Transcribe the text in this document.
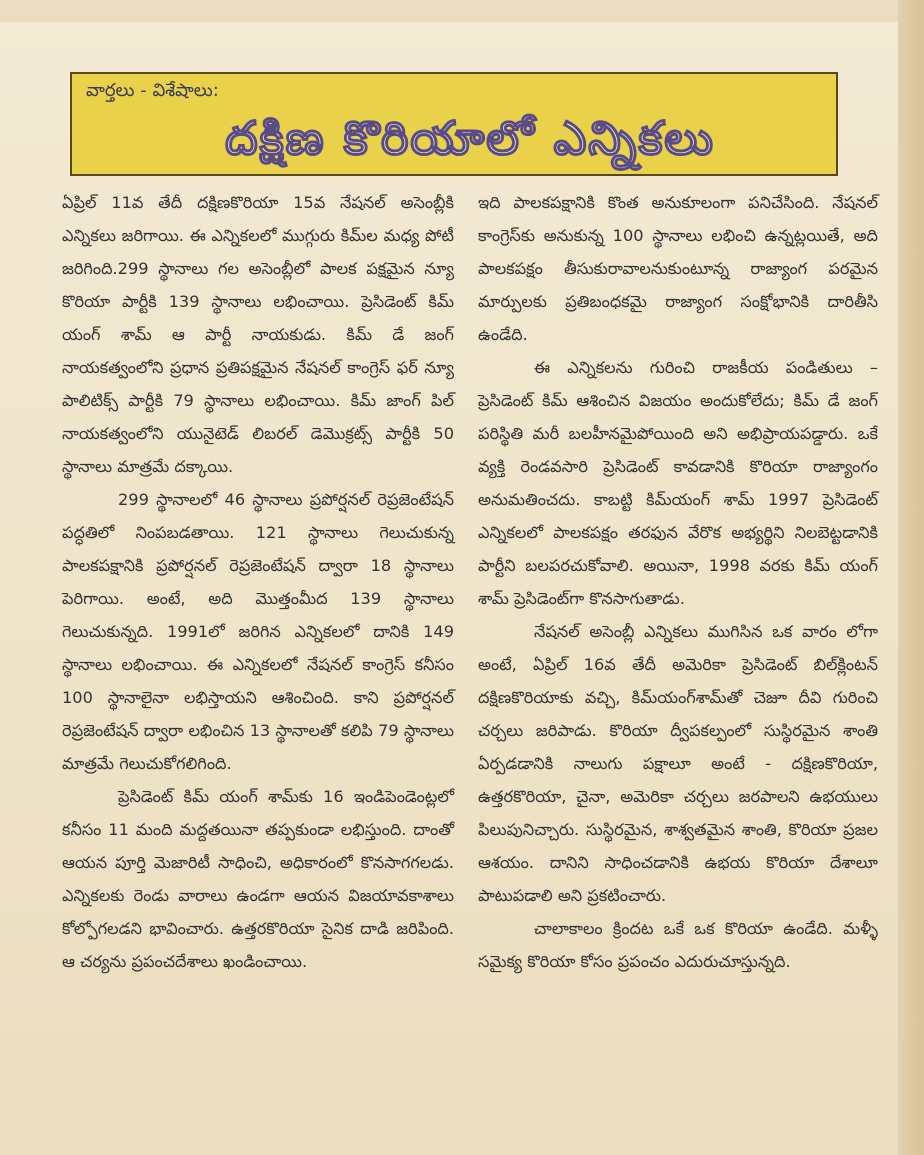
వార్తలు - విశేషాలు:
దక్షిణ కొరియాలో ఎన్నికలు

ఏప్రిల్ 11వ తేదీ దక్షిణకొరియా 15వ నేషనల్ అసెంబ్లీకి ఎన్నికలు జరిగాయి. ఈ ఎన్నికలలో ముగ్గురు కిమ్‌ల మధ్య పోటీ జరిగింది.299 స్థానాలు గల అసెంబ్లీలో పాలక పక్షమైన న్యూ కొరియా పార్టీకి 139 స్థానాలు లభించాయి. ప్రెసిడెంట్ కిమ్ యంగ్ శామ్ ఆ పార్టీ నాయకుడు. కిమ్ డే జంగ్ నాయకత్వంలోని ప్రధాన ప్రతిపక్షమైన నేషనల్ కాంగ్రెస్ ఫర్ న్యూ పాలిటిక్స్ పార్టీకి 79 స్థానాలు లభించాయి. కిమ్ జాంగ్ పిల్ నాయకత్వంలోని యునైటెడ్ లిబరల్ డెమొక్రట్స్ పార్టీకి 50 స్థానాలు మాత్రమే దక్కాయి.

299 స్థానాలలో 46 స్థానాలు ప్రపోర్షనల్ రెప్రజెంటేషన్ పద్ధతిలో నింపబడతాయి. 121 స్థానాలు గెలుచుకున్న పాలకపక్షానికి ప్రపోర్షనల్ రెప్రజెంటేషన్ ద్వారా 18 స్థానాలు పెరిగాయి. అంటే, అది మొత్తంమీద 139 స్థానాలు గెలుచుకున్నది. 1991లో జరిగిన ఎన్నికలలో దానికి 149 స్థానాలు లభించాయి. ఈ ఎన్నికలలో నేషనల్ కాంగ్రెస్ కనీసం 100 స్థానాలైనా లభిస్తాయని ఆశించింది. కాని ప్రపోర్షనల్ రెప్రజెంటేషన్ ద్వారా లభించిన 13 స్థానాలతో కలిపి 79 స్థానాలు మాత్రమే గెలుచుకోగలిగింది.

ప్రెసిడెంట్ కిమ్ యంగ్ శామ్‌కు 16 ఇండిపెండెంట్లలో కనీసం 11 మంది మద్దతయినా తప్పకుండా లభిస్తుంది. దాంతో ఆయన పూర్తి మెజారిటీ సాధించి, అధికారంలో కొనసాగగలడు. ఎన్నికలకు రెండు వారాలు ఉండగా ఆయన విజయావకాశాలు కోల్పోగలడని భావించారు. ఉత్తరకొరియా సైనిక దాడి జరిపింది. ఆ చర్యను ప్రపంచదేశాలు ఖండించాయి.

ఇది పాలకపక్షానికి కొంత అనుకూలంగా పనిచేసింది. నేషనల్ కాంగ్రెస్‌కు అనుకున్న 100 స్థానాలు లభించి ఉన్నట్లయితే, అది పాలకపక్షం తీసుకురావాలనుకుంటూన్న రాజ్యాంగ పరమైన మార్పులకు ప్రతిబంధకమై రాజ్యాంగ సంక్షోభానికి దారితీసి ఉండేది.

ఈ ఎన్నికలను గురించి రాజకీయ పండితులు – ప్రెసిడెంట్ కిమ్ ఆశించిన విజయం అందుకోలేదు; కిమ్ డే జంగ్ పరిస్థితి మరీ బలహీనమైపోయింది అని అభిప్రాయపడ్డారు. ఒకే వ్యక్తి రెండవసారి ప్రెసిడెంట్ కావడానికి కొరియా రాజ్యాంగం అనుమతించదు. కాబట్టి కిమ్‌యంగ్ శామ్ 1997 ప్రెసిడెంట్ ఎన్నికలలో పాలకపక్షం తరఫున వేరొక అభ్యర్థిని నిలబెట్టడానికి పార్టీని బలపరచుకోవాలి. అయినా, 1998 వరకు కిమ్ యంగ్ శామ్ ప్రెసిడెంట్‌గా కొనసాగుతాడు.

నేషనల్ అసెంబ్లీ ఎన్నికలు ముగిసిన ఒక వారం లోగా అంటే, ఏప్రిల్ 16వ తేదీ అమెరికా ప్రెసిడెంట్ బిల్‌క్లింటన్ దక్షిణకొరియాకు వచ్చి, కిమ్‌యంగ్‌శామ్‌తో చెజూ దీవి గురించి చర్చలు జరిపాడు. కొరియా ద్వీపకల్పంలో సుస్థిరమైన శాంతి ఏర్పడడానికి నాలుగు పక్షాలూ అంటే - దక్షిణకొరియా, ఉత్తరకొరియా, చైనా, అమెరికా చర్చలు జరపాలని ఉభయులు పిలుపునిచ్చారు. సుస్థిరమైన, శాశ్వతమైన శాంతి, కొరియా ప్రజల ఆశయం. దానిని సాధించడానికి ఉభయ కొరియా దేశాలూ పాటుపడాలి అని ప్రకటించారు.

చాలాకాలం క్రిందట ఒకే ఒక కొరియా ఉండేది. మళ్ళీ సమైక్య కొరియా కోసం ప్రపంచం ఎదురుచూస్తున్నది.
